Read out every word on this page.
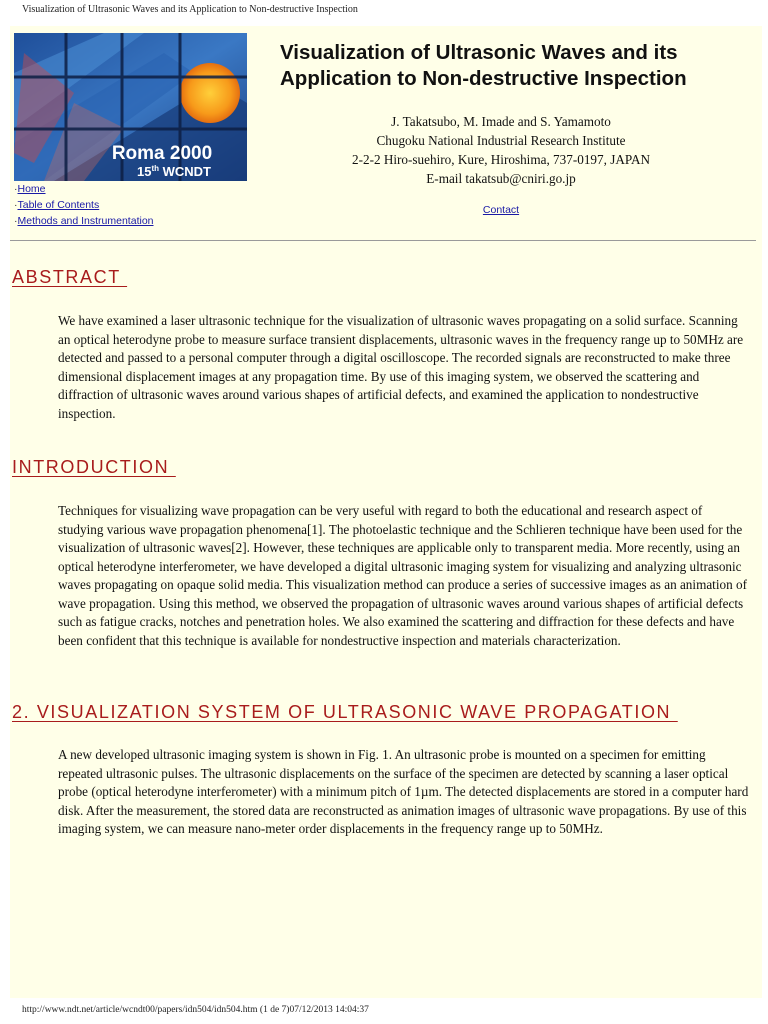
Visualization of Ultrasonic Waves and its Application to Non-destructive Inspection
Roma 2000
15th WCNDT
·Home
·Table of Contents
·Methods and Instrumentation
Visualization of Ultrasonic Waves and its
Application to Non-destructive Inspection
J. Takatsubo, M. Imade and S. Yamamoto
Chugoku National Industrial Research Institute
2-2-2 Hiro-suehiro, Kure, Hiroshima, 737-0197, JAPAN
E-mail takatsub@cniri.go.jp
Contact
ABSTRACT

We have examined a laser ultrasonic technique for the visualization of ultrasonic waves propagating on a solid surface. Scanning an optical heterodyne probe to measure surface transient displacements, ultrasonic waves in the frequency range up to 50MHz are detected and passed to a personal computer through a digital oscilloscope. The recorded signals are reconstructed to make three dimensional displacement images at any propagation time. By use of this imaging system, we observed the scattering and diffraction of ultrasonic waves around various shapes of artificial defects, and examined the application to nondestructive inspection.

INTRODUCTION

Techniques for visualizing wave propagation can be very useful with regard to both the educational and research aspect of studying various wave propagation phenomena[1]. The photoelastic technique and the Schlieren technique have been used for the visualization of ultrasonic waves[2]. However, these techniques are applicable only to transparent media. More recently, using an optical heterodyne interferometer, we have developed a digital ultrasonic imaging system for visualizing and analyzing ultrasonic waves propagating on opaque solid media. This visualization method can produce a series of successive images as an animation of wave propagation. Using this method, we observed the propagation of ultrasonic waves around various shapes of artificial defects such as fatigue cracks, notches and penetration holes. We also examined the scattering and diffraction for these defects and have been confident that this technique is available for nondestructive inspection and materials characterization.

2. VISUALIZATION SYSTEM OF ULTRASONIC WAVE PROPAGATION

A new developed ultrasonic imaging system is shown in Fig. 1. An ultrasonic probe is mounted on a specimen for emitting repeated ultrasonic pulses. The ultrasonic displacements on the surface of the specimen are detected by scanning a laser optical probe (optical heterodyne interferometer) with a minimum pitch of 1µm. The detected displacements are stored in a computer hard disk. After the measurement, the stored data are reconstructed as animation images of ultrasonic wave propagations. By use of this imaging system, we can measure nano-meter order displacements in the frequency range up to 50MHz.

http://www.ndt.net/article/wcndt00/papers/idn504/idn504.htm (1 de 7)07/12/2013 14:04:37
